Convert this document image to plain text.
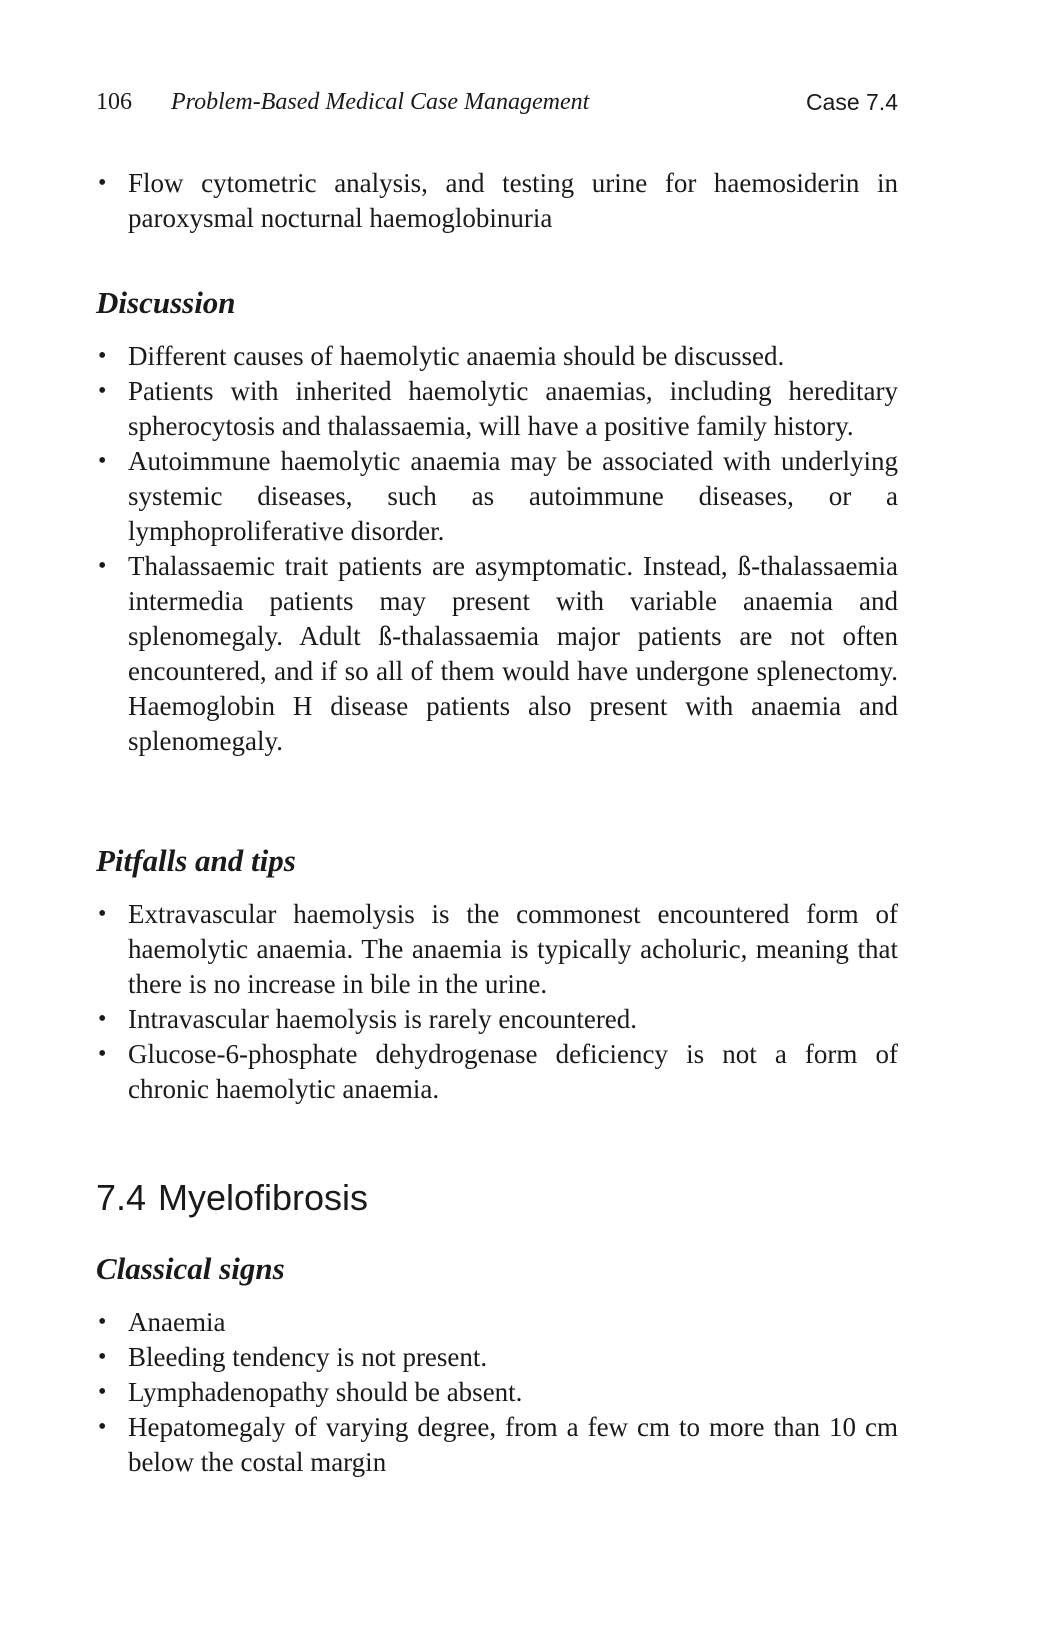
106 Problem-Based Medical Case Management	Case 7.4
• Flow cytometric analysis, and testing urine for haemosiderin in paroxysmal nocturnal haemoglobinuria
Discussion
• Different causes of haemolytic anaemia should be discussed.
• Patients with inherited haemolytic anaemias, including hereditary spherocytosis and thalassaemia, will have a positive family history.
• Autoimmune haemolytic anaemia may be associated with underlying systemic diseases, such as autoimmune diseases, or a lymphoproliferative disorder.
• Thalassaemic trait patients are asymptomatic. Instead, ß-thalassaemia intermedia patients may present with variable anaemia and splenomegaly. Adult ß-thalassaemia major patients are not often encountered, and if so all of them would have undergone splenectomy. Haemoglobin H disease patients also present with anaemia and splenomegaly.
Pitfalls and tips
• Extravascular haemolysis is the commonest encountered form of haemolytic anaemia. The anaemia is typically acholuric, meaning that there is no increase in bile in the urine.
• Intravascular haemolysis is rarely encountered.
• Glucose-6-phosphate dehydrogenase deficiency is not a form of chronic haemolytic anaemia.
7.4 Myelofibrosis
Classical signs
• Anaemia
• Bleeding tendency is not present.
• Lymphadenopathy should be absent.
• Hepatomegaly of varying degree, from a few cm to more than 10 cm below the costal margin
